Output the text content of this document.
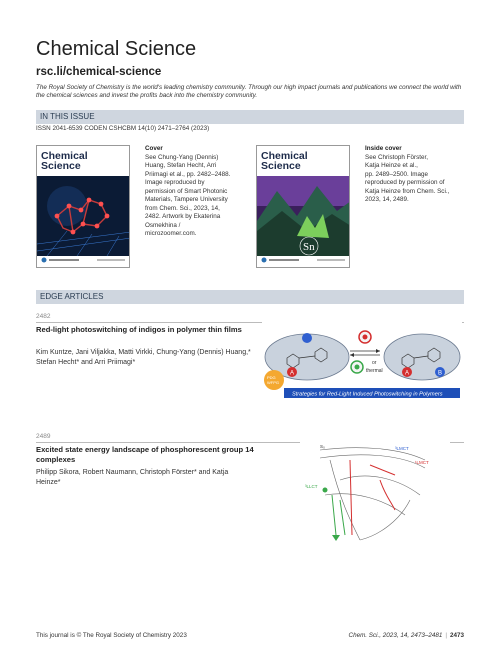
Chemical Science
rsc.li/chemical-science
The Royal Society of Chemistry is the world's leading chemistry community. Through our high impact journals and publications we connect the world with the chemical sciences and invest the profits back into the chemistry community.
IN THIS ISSUE
ISSN 2041-6539 CODEN CSHCBM 14(10) 2471–2764 (2023)
Chemical
Science
Cover
See Chung-Yang (Dennis)
Huang, Stefan Hecht, Arri
Priimagi et al., pp. 2482–2488.
Image reproduced by
permission of Smart Photonic
Materials, Tampere University
from Chem. Sci., 2023, 14,
2482. Artwork by Ekaterina
Osmekhina /
microzoomer.com.
Chemical
Science
Sn
Inside cover
See Christoph Förster,
Katja Heinze et al.,
pp. 2489–2500. Image
reproduced by permission of
Katja Heinze from Chem. Sci.,
2023, 14, 2489.
EDGE ARTICLES
2482
Red-light photoswitching of indigos in polymer thin films
Kim Kuntze, Jani Viljakka, Matti Virkki, Chung-Yang (Dennis) Huang,* Stefan Hecht* and Arri Priimagi*
A	A	B
PDG
WFPG
or
thermal
Strategies for Red-Light Induced Photoswitching in Polymers
2489
Excited state energy landscape of phosphorescent group 14 complexes
Philipp Sikora, Robert Naumann, Christoph Förster* and Katja Heinze*
S₀	³LMCT
¹LMCT
³LLCT
This journal is © The Royal Society of Chemistry 2023	Chem. Sci., 2023, 14, 2473–2481 | 2473
